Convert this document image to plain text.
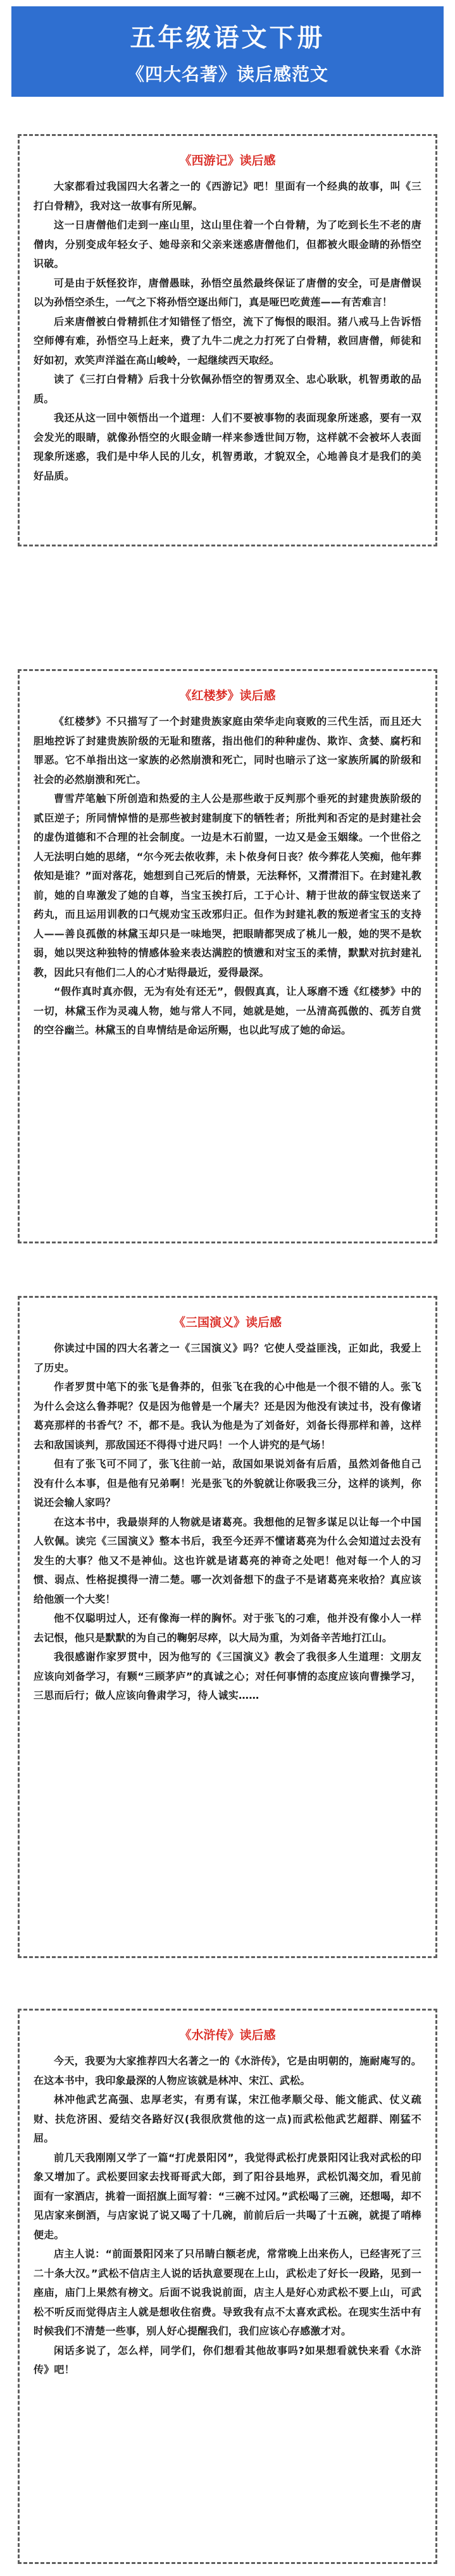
五年级语文下册
《四大名著》读后感范文
《西游记》读后感

大家都看过我国四大名著之一的《西游记》吧！里面有一个经典的故事，叫《三打白骨精》，我对这一故事有所见解。

这一日唐僧他们走到一座山里，这山里住着一个白骨精，为了吃到长生不老的唐僧肉，分别变成年轻女子、她母亲和父亲来迷惑唐僧他们，但都被火眼金睛的孙悟空识破。

可是由于妖怪狡诈，唐僧愚昧，孙悟空虽然最终保证了唐僧的安全，可是唐僧误以为孙悟空杀生，一气之下将孙悟空逐出师门，真是哑巴吃黄莲——有苦难言！

后来唐僧被白骨精抓住才知错怪了悟空，流下了悔恨的眼泪。猪八戒马上告诉悟空师傅有难，孙悟空马上赶来，费了九牛二虎之力打死了白骨精，救回唐僧，师徒和好如初，欢笑声洋溢在高山峻岭，一起继续西天取经。

读了《三打白骨精》后我十分钦佩孙悟空的智勇双全、忠心耿耿，机智勇敢的品质。

我还从这一回中领悟出一个道理：人们不要被事物的表面现象所迷惑，要有一双会发光的眼睛，就像孙悟空的火眼金睛一样来参透世间万物，这样就不会被坏人表面现象所迷惑，我们是中华人民的儿女，机智勇敢，才貌双全，心地善良才是我们的美好品质。

《红楼梦》读后感

《红楼梦》不只描写了一个封建贵族家庭由荣华走向衰败的三代生活，而且还大胆地控诉了封建贵族阶级的无耻和堕落，指出他们的种种虚伪、欺诈、贪婪、腐朽和罪恶。它不单指出这一家族的必然崩溃和死亡，同时也暗示了这一家族所属的阶级和社会的必然崩溃和死亡。

曹雪芹笔触下所创造和热爱的主人公是那些敢于反判那个垂死的封建贵族阶级的贰臣逆子；所同情悼惜的是那些被封建制度下的牺牲者；所批判和否定的是封建社会的虚伪道德和不合理的社会制度。一边是木石前盟，一边又是金玉姻缘。一个世俗之人无法明白她的思绪，“尔今死去侬收葬，未卜侬身何日丧？侬今葬花人笑痴，他年葬侬知是谁？”面对落花，她想到自己死后的情景，无法释怀，又潸潸泪下。在封建礼教前，她的自卑激发了她的自尊，当宝玉挨打后，工于心计、精于世故的薛宝钗送来了药丸，而且运用训教的口气规劝宝玉改邪归正。但作为封建礼教的叛逆者宝玉的支持人——善良孤傲的林黛玉却只是一味地哭，把眼睛都哭成了桃儿一般，她的哭不是软弱，她以哭这种独特的情感体验来表达满腔的愤懑和对宝玉的柔情，默默对抗封建礼教，因此只有他们二人的心才贴得最近，爱得最深。

“假作真时真亦假，无为有处有还无”，假假真真，让人琢磨不透《红楼梦》中的一切，林黛玉作为灵魂人物，她与常人不同，她就是她，一丛清高孤傲的、孤芳自赏的空谷幽兰。林黛玉的自卑情结是命运所赐，也以此写成了她的命运。

《三国演义》读后感

你读过中国的四大名著之一《三国演义》吗？它使人受益匪浅，正如此，我爱上了历史。

作者罗贯中笔下的张飞是鲁莽的，但张飞在我的心中他是一个很不错的人。张飞为什么会这么鲁莽呢？仅是因为他曾是一个屠夫？还是因为他没有读过书，没有像诸葛亮那样的书香气？不，都不是。我认为他是为了刘备好，刘备长得那样和善，这样去和敌国谈判，那敌国还不得得寸进尺吗！一个人讲究的是气场！

但有了张飞可不同了，张飞往前一站，敌国如果说刘备有后盾，虽然刘备他自己没有什么本事，但是他有兄弟啊！光是张飞的外貌就让你吸我三分，这样的谈判，你说还会输人家吗？

在这本书中，我最崇拜的人物就是诸葛亮。我想他的足智多谋足以让每一个中国人钦佩。读完《三国演义》整本书后，我至今还弄不懂诸葛亮为什么会知道过去没有发生的大事？他又不是神仙。这也许就是诸葛亮的神奇之处吧！他对每一个人的习惯、弱点、性格捉摸得一清二楚。哪一次刘备想下的盘子不是诸葛亮来收拾？真应该给他颁一个大奖！

他不仅聪明过人，还有像海一样的胸怀。对于张飞的刁难，他并没有像小人一样去记恨，他只是默默的为自己的鞠躬尽瘁，以大局为重，为刘备辛苦地打江山。

我很感谢作家罗贯中，因为他写的《三国演义》教会了我很多人生道理：文朋友应该向刘备学习，有颗“三顾茅庐”的真诚之心；对任何事情的态度应该向曹操学习，三思而后行；做人应该向鲁肃学习，待人诚实……

《水浒传》读后感

今天，我要为大家推荐四大名著之一的《水浒传》，它是由明朝的，施耐庵写的。在这本书中，我印象最深的人物应该就是林冲、宋江、武松。

林冲他武艺高强、忠厚老实，有勇有谋，宋江他孝顺父母、能文能武、仗义疏财、扶危济困、爱结交各路好汉(我很欣赏他的这一点)而武松他武艺超群、刚猛不屈。

前几天我刚刚又学了一篇“打虎景阳冈”，我觉得武松打虎景阳冈让我对武松的印象又增加了。武松要回家去找哥哥武大郎，到了阳谷县地界，武松饥渴交加，看见前面有一家酒店，挑着一面招旗上面写着：“三碗不过冈。”武松喝了三碗，还想喝，却不见店家来倒酒，与店家说了说又喝了十几碗，前前后后一共喝了十五碗，就提了哨棒便走。

店主人说：“前面景阳冈来了只吊睛白额老虎，常常晚上出来伤人，已经害死了三二十条大汉。”武松不信店主人说的话执意要现在上山，武松走了好长一段路，见到一座庙，庙门上果然有榜文。后面不说我说前面，店主人是好心劝武松不要上山，可武松不听反而觉得店主人就是想收住宿费。导致我有点不太喜欢武松。在现实生活中有时候我们不清楚一些事，别人好心提醒我们，我们应该心存感激才对。

闲话多说了，怎么样，同学们，你们想看其他故事吗?如果想看就快来看《水浒传》吧！
